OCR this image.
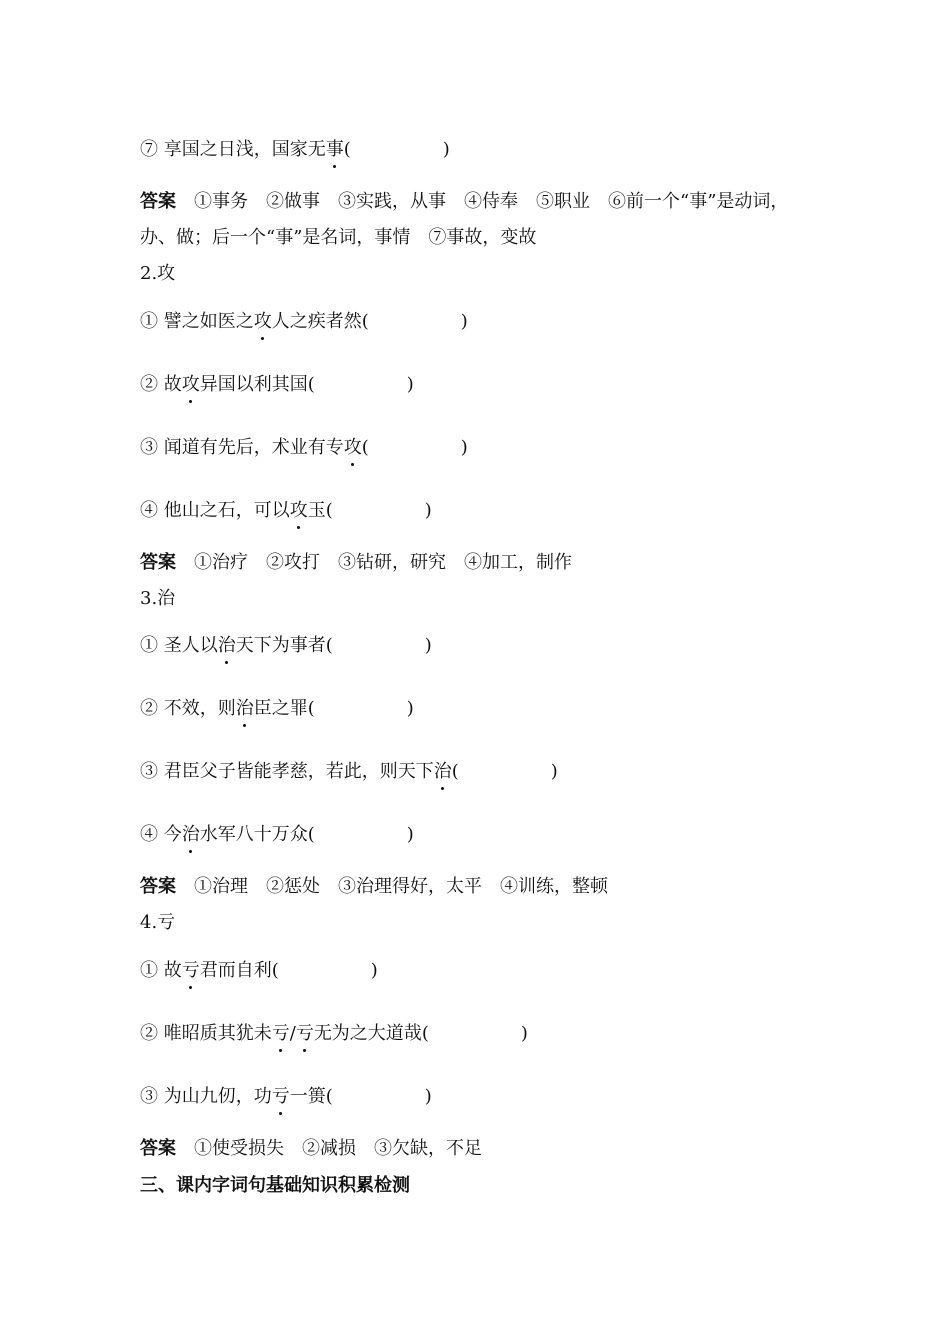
⑦ 享国之日浅，国家无事(	)
答案 ①事务　②做事　③实践，从事　④侍奉　⑤职业　⑥前一个“事”是动词，办、做；后一个“事”是名词，事情　⑦事故，变故
2.攻
① 譬之如医之攻人之疾者然(	)
② 故攻异国以利其国(	)
③ 闻道有先后，术业有专攻(	)
④ 他山之石，可以攻玉(	)
答案 ①治疗　②攻打　③钻研，研究　④加工，制作
3.治
① 圣人以治天下为事者(	)
② 不效，则治臣之罪(	)
③ 君臣父子皆能孝慈，若此，则天下治(	)
④ 今治水军八十万众(	)
答案 ①治理　②惩处　③治理得好，太平　④训练，整顿
4.亏
① 故亏君而自利(	)
② 唯昭质其犹未亏/亏无为之大道哉(	)
③ 为山九仞，功亏一篑(	)
答案 ①使受损失　②减损　③欠缺，不足
三、课内字词句基础知识积累检测
